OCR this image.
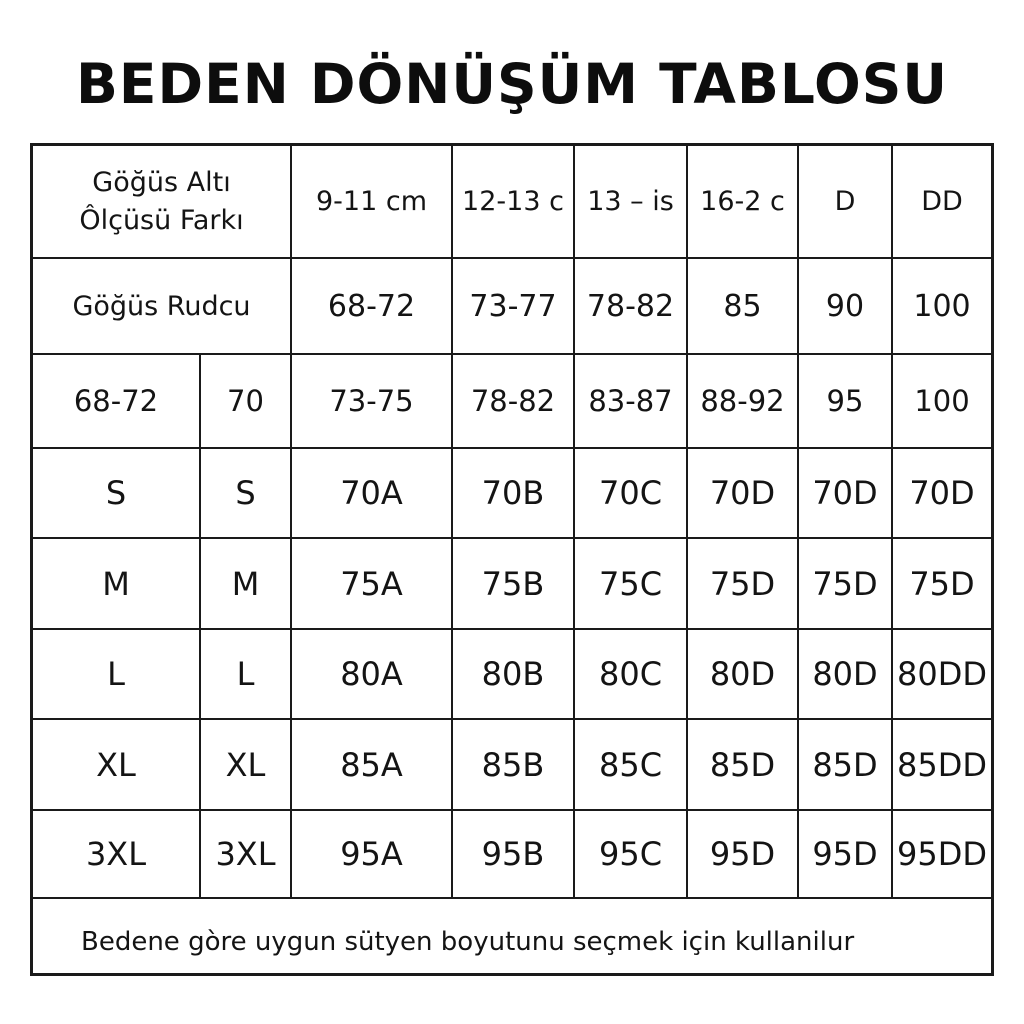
BEDEN DÖNÜŞÜM TABLOSU
Göğüs Altı
Ôlçüsü Farkı		9-11 cm	12-13 c	13 – is	16-2 c	D	DD
Göğüs Rudcu		68-72	73-77	78-82	85	90	100
68-72	70	73-75	78-82	83-87	88-92	95	100
S	S	70A	70B	70C	70D	70D	70D
M	M	75A	75B	75C	75D	75D	75D
L	L	80A	80B	80C	80D	80D	80DD
XL	XL	85A	85B	85C	85D	85D	85DD
3XL	3XL	95A	95B	95C	95D	95D	95DD
Bedene gòre uygun sütyen boyutunu seçmek için kullanilur							
